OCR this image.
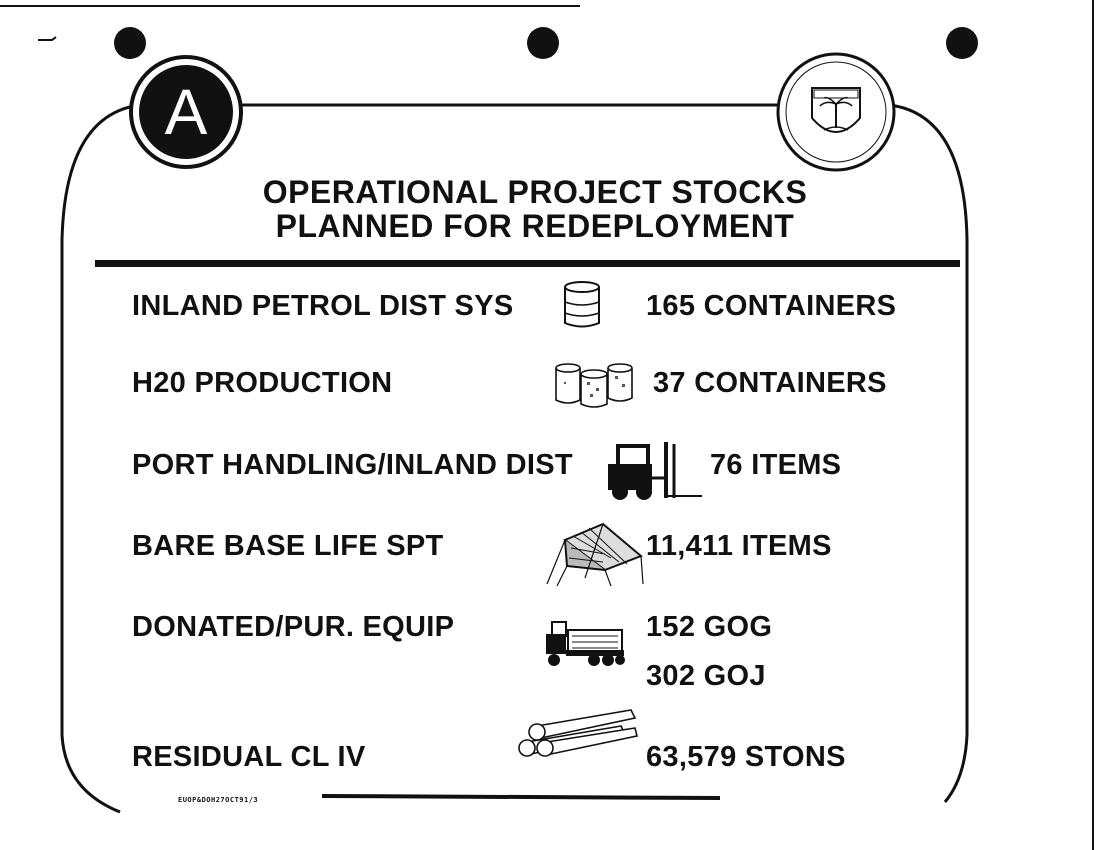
A
OPERATIONAL PROJECT STOCKS
PLANNED FOR REDEPLOYMENT
INLAND PETROL DIST SYS	165 CONTAINERS
H20 PRODUCTION	37 CONTAINERS
PORT HANDLING/INLAND DIST	76 ITEMS
BARE BASE LIFE SPT	11,411 ITEMS
DONATED/PUR. EQUIP	152 GOG
302 GOJ
RESIDUAL CL IV	63,579 STONS
EUOP&DOH27OCT91/3
